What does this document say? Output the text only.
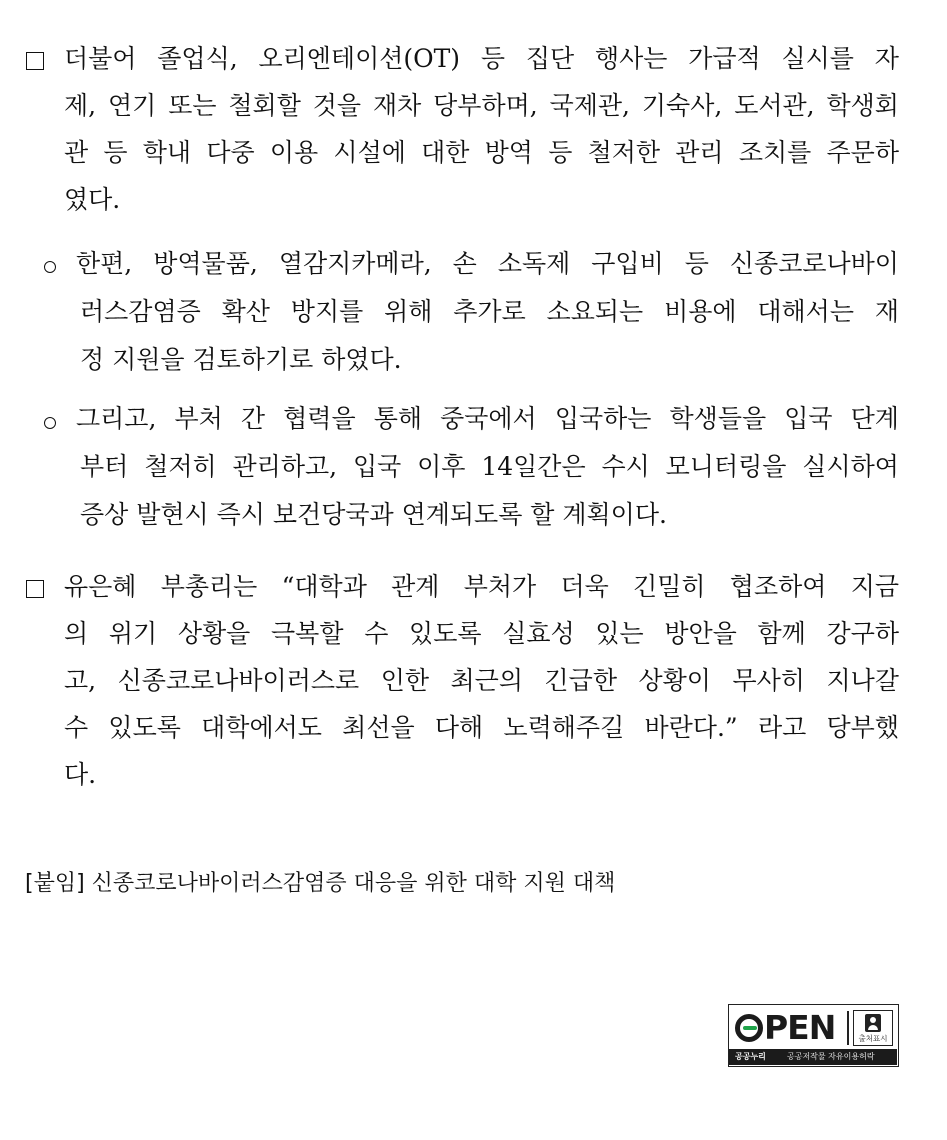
더불어 졸업식, 오리엔테이션(OT) 등 집단 행사는 가급적 실시를 자
제, 연기 또는 철회할 것을 재차 당부하며, 국제관, 기숙사, 도서관, 학생회
관 등 학내 다중 이용 시설에 대한 방역 등 철저한 관리 조치를 주문하
였다.
한편, 방역물품, 열감지카메라, 손 소독제 구입비 등 신종코로나바이
러스감염증 확산 방지를 위해 추가로 소요되는 비용에 대해서는 재
정 지원을 검토하기로 하였다.
그리고, 부처 간 협력을 통해 중국에서 입국하는 학생들을 입국 단계
부터 철저히 관리하고, 입국 이후 14일간은 수시 모니터링을 실시하여
증상 발현시 즉시 보건당국과 연계되도록 할 계획이다.
유은혜 부총리는 “대학과 관계 부처가 더욱 긴밀히 협조하여 지금
의 위기 상황을 극복할 수 있도록 실효성 있는 방안을 함께 강구하
고, 신종코로나바이러스로 인한 최근의 긴급한 상황이 무사히 지나갈
수 있도록 대학에서도 최선을 다해 노력해주길 바란다.” 라고 당부했
다.
[붙임] 신종코로나바이러스감염증 대응을 위한 대학 지원 대책
PEN	출처표시
공공누리	공공저작물 자유이용허락
